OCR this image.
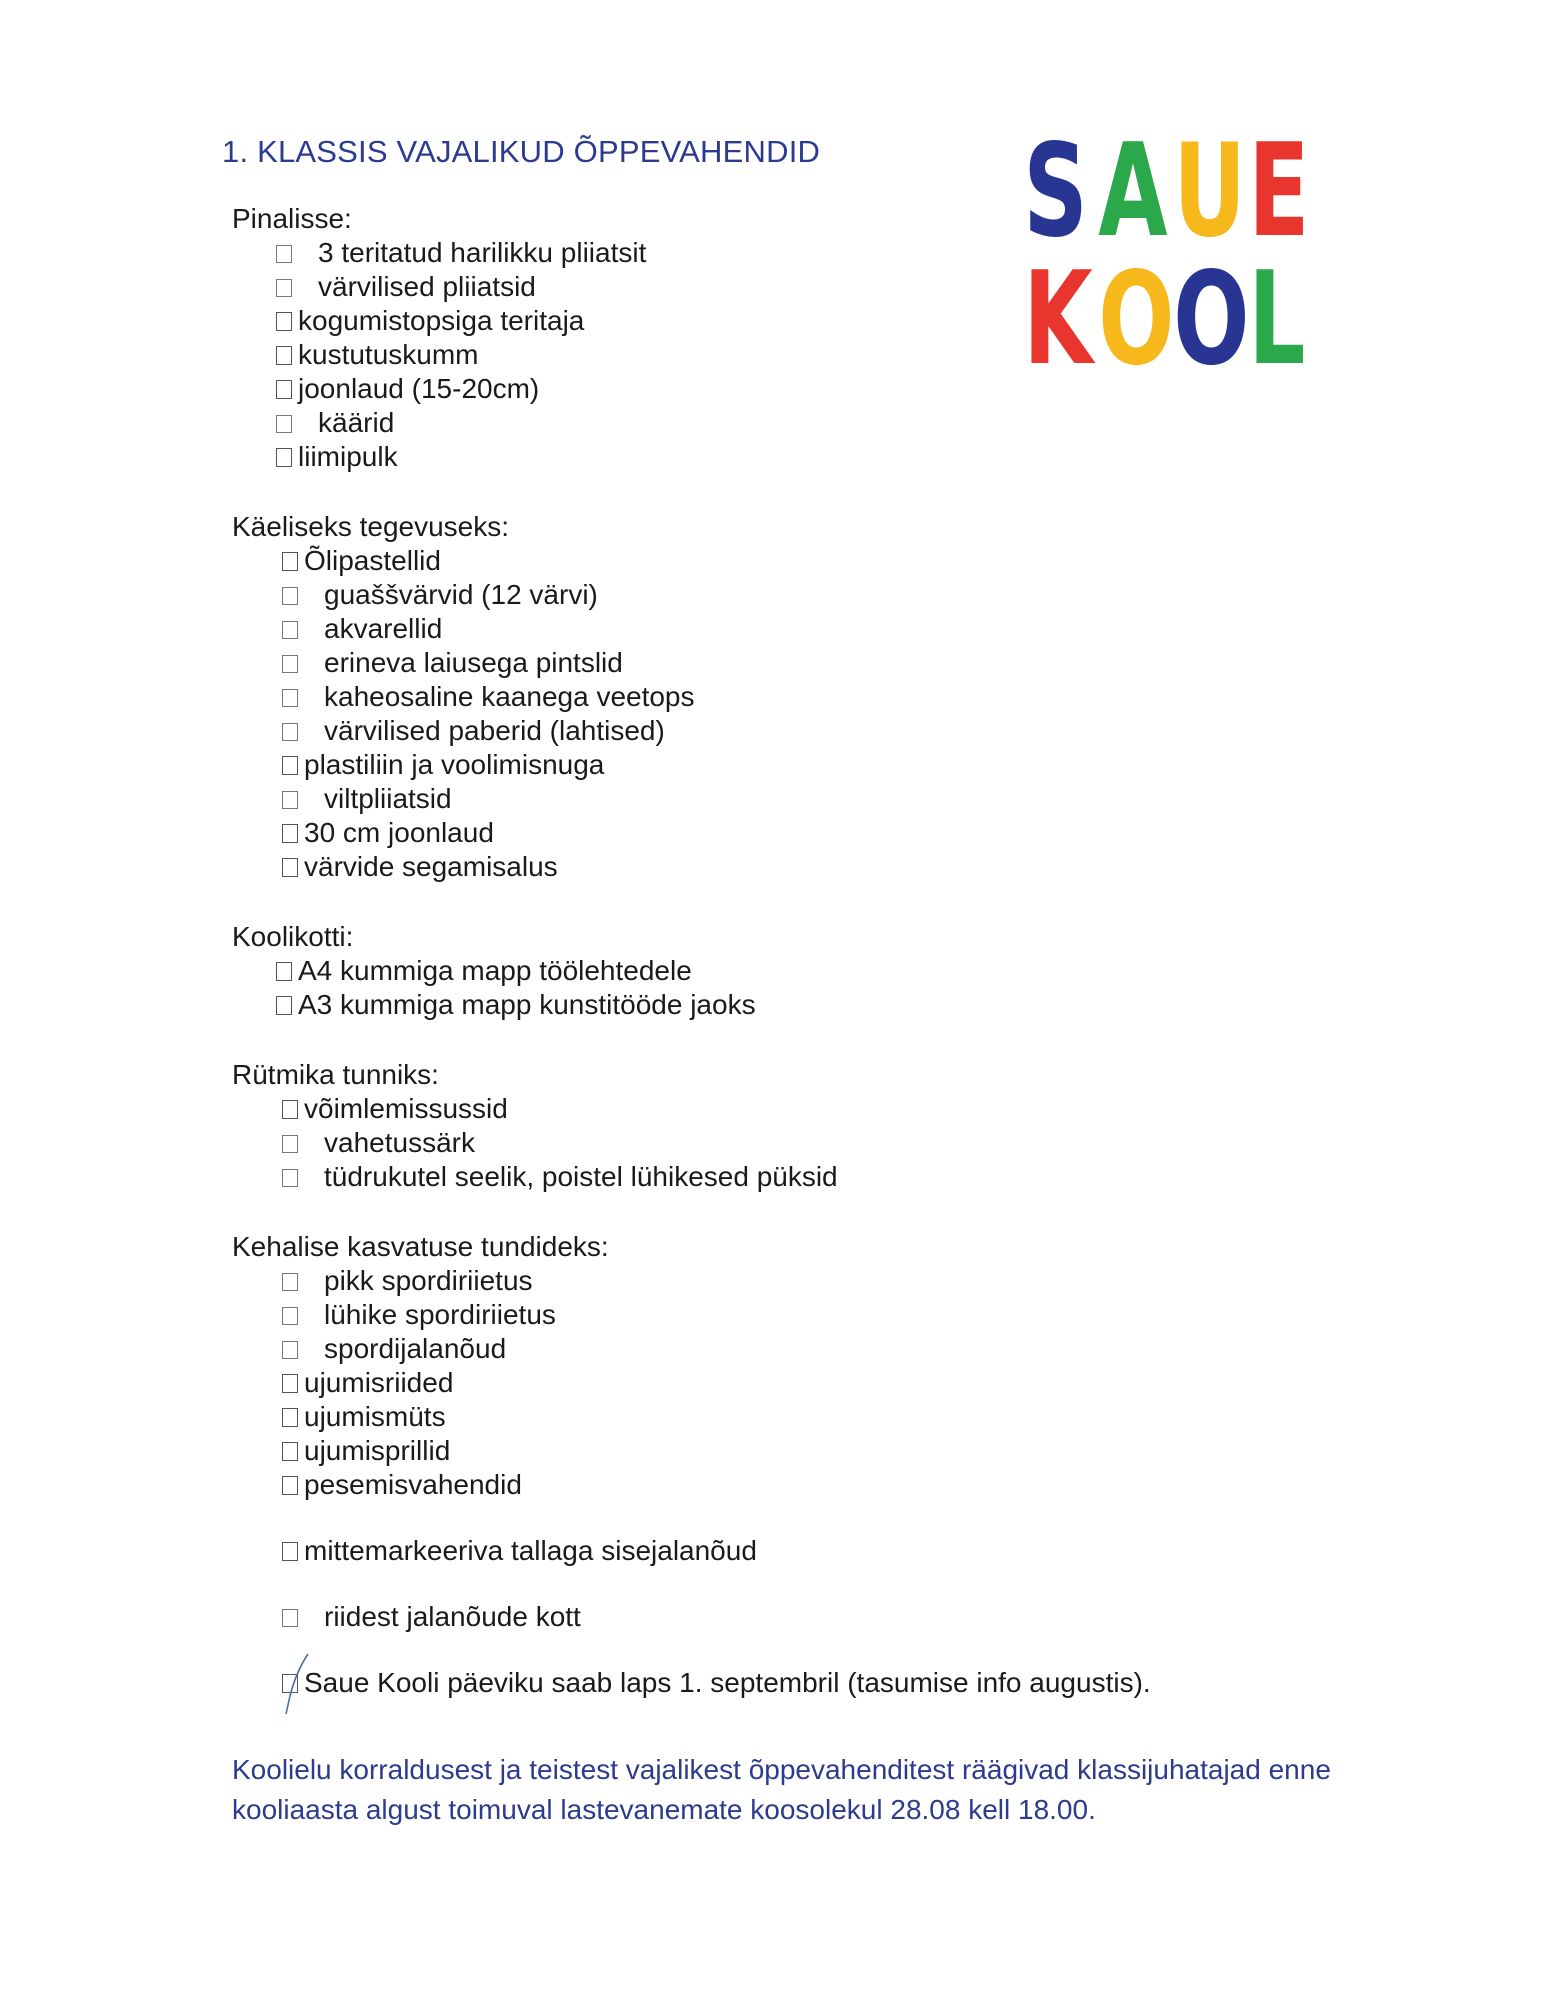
1. KLASSIS VAJALIKUD ÕPPEVAHENDID S A U E
K O
O
L
Pinalisse:
3 teritatud harilikku pliiatsit
värvilised pliiatsid
kogumistopsiga teritaja
kustutuskumm
joonlaud (15-20cm)
käärid
liimipulk
Käeliseks tegevuseks:
Õlipastellid
guaššvärvid (12 värvi)
akvarellid
erineva laiusega pintslid
kaheosaline kaanega veetops
värvilised paberid (lahtised)
plastiliin ja voolimisnuga
viltpliiatsid
30 cm joonlaud
värvide segamisalus
Koolikotti:
A4 kummiga mapp töölehtedele
A3 kummiga mapp kunstitööde jaoks
Rütmika tunniks:
võimlemissussid
vahetussärk
tüdrukutel seelik, poistel lühikesed püksid
Kehalise kasvatuse tundideks:
pikk spordiriietus
lühike spordiriietus
spordijalanõud
ujumisriided
ujumismüts
ujumisprillid
pesemisvahendid
mittemarkeeriva tallaga sisejalanõud
riidest jalanõude kott
Saue Kooli päeviku saab laps 1. septembril (tasumise info augustis).
Koolielu korraldusest ja teistest vajalikest õppevahenditest räägivad klassijuhatajad enne kooliaasta algust toimuval lastevanemate koosolekul 28.08 kell 18.00.
